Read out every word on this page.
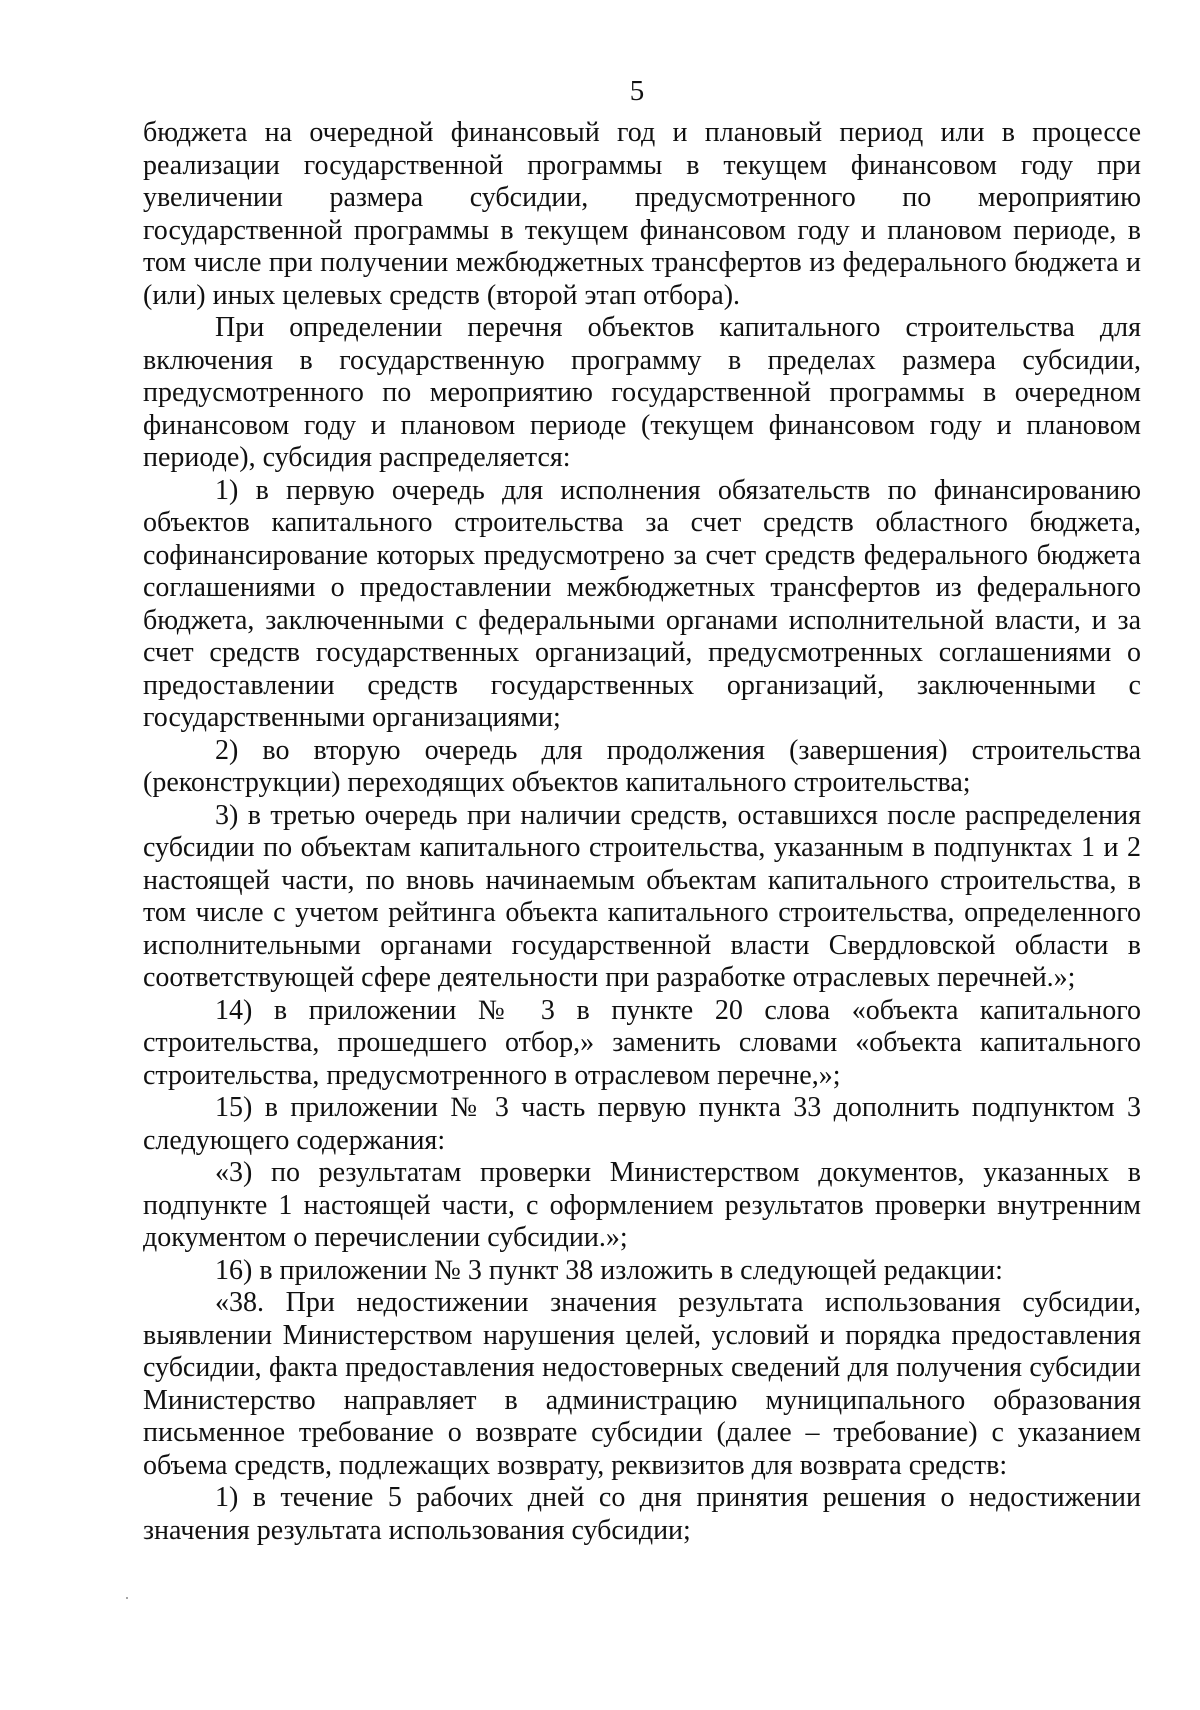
5

бюджета на очередной финансовый год и плановый период или в процессе реализации государственной программы в текущем финансовом году при увеличении размера субсидии, предусмотренного по мероприятию государственной программы в текущем финансовом году и плановом периоде, в том числе при получении межбюджетных трансфертов из федерального бюджета и (или) иных целевых средств (второй этап отбора).

При определении перечня объектов капитального строительства для включения в государственную программу в пределах размера субсидии, предусмотренного по мероприятию государственной программы в очередном финансовом году и плановом периоде (текущем финансовом году и плановом периоде), субсидия распределяется:

1) в первую очередь для исполнения обязательств по финансированию объектов капитального строительства за счет средств областного бюджета, софинансирование которых предусмотрено за счет средств федерального бюджета соглашениями о предоставлении межбюджетных трансфертов из федерального бюджета, заключенными с федеральными органами исполнительной власти, и за счет средств государственных организаций, предусмотренных соглашениями о предоставлении средств государственных организаций, заключенными с государственными организациями;

2) во вторую очередь для продолжения (завершения) строительства (реконструкции) переходящих объектов капитального строительства;

3) в третью очередь при наличии средств, оставшихся после распределения субсидии по объектам капитального строительства, указанным в подпунктах 1 и 2 настоящей части, по вновь начинаемым объектам капитального строительства, в том числе с учетом рейтинга объекта капитального строительства, определенного исполнительными органами государственной власти Свердловской области в соответствующей сфере деятельности при разработке отраслевых перечней.»;

14) в приложении № 3 в пункте 20 слова «объекта капитального строительства, прошедшего отбор,» заменить словами «объекта капитального строительства, предусмотренного в отраслевом перечне,»;

15) в приложении № 3 часть первую пункта 33 дополнить подпунктом 3 следующего содержания:

«3) по результатам проверки Министерством документов, указанных в подпункте 1 настоящей части, с оформлением результатов проверки внутренним документом о перечислении субсидии.»;

16) в приложении № 3 пункт 38 изложить в следующей редакции:

«38. При недостижении значения результата использования субсидии, выявлении Министерством нарушения целей, условий и порядка предоставления субсидии, факта предоставления недостоверных сведений для получения субсидии Министерство направляет в администрацию муниципального образования письменное требование о возврате субсидии (далее – требование) с указанием объема средств, подлежащих возврату, реквизитов для возврата средств:

1) в течение 5 рабочих дней со дня принятия решения о недостижении значения результата использования субсидии;
